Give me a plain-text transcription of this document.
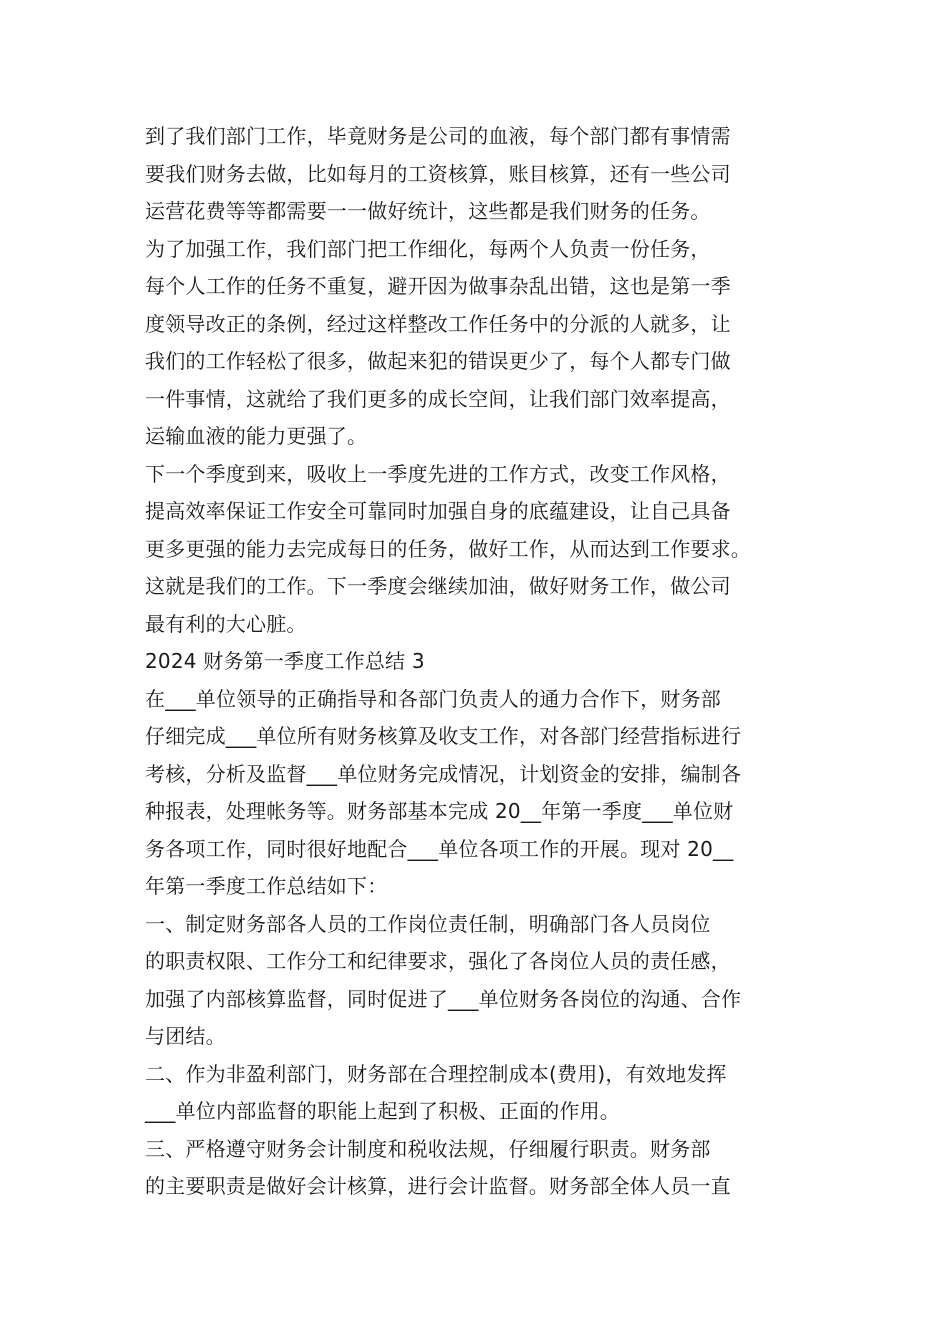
到了我们部门工作，毕竟财务是公司的血液，每个部门都有事情需
要我们财务去做，比如每月的工资核算，账目核算，还有一些公司
运营花费等等都需要一一做好统计，这些都是我们财务的任务。
为了加强工作，我们部门把工作细化，每两个人负责一份任务，
每个人工作的任务不重复，避开因为做事杂乱出错，这也是第一季
度领导改正的条例，经过这样整改工作任务中的分派的人就多，让
我们的工作轻松了很多，做起来犯的错误更少了，每个人都专门做
一件事情，这就给了我们更多的成长空间，让我们部门效率提高，
运输血液的能力更强了。
下一个季度到来，吸收上一季度先进的工作方式，改变工作风格，
提高效率保证工作安全可靠同时加强自身的底蕴建设，让自己具备
更多更强的能力去完成每日的任务，做好工作，从而达到工作要求。
这就是我们的工作。下一季度会继续加油，做好财务工作，做公司
最有利的大心脏。
2024 财务第一季度工作总结 3
在___单位领导的正确指导和各部门负责人的通力合作下，财务部
仔细完成___单位所有财务核算及收支工作，对各部门经营指标进行
考核，分析及监督___单位财务完成情况，计划资金的安排，编制各
种报表，处理帐务等。财务部基本完成 20__年第一季度___单位财
务各项工作，同时很好地配合___单位各项工作的开展。现对 20__
年第一季度工作总结如下：
一、制定财务部各人员的工作岗位责任制，明确部门各人员岗位
的职责权限、工作分工和纪律要求，强化了各岗位人员的责任感，
加强了内部核算监督，同时促进了___单位财务各岗位的沟通、合作
与团结。
二、作为非盈利部门，财务部在合理控制成本(费用)，有效地发挥
___单位内部监督的职能上起到了积极、正面的作用。
三、严格遵守财务会计制度和税收法规，仔细履行职责。财务部
的主要职责是做好会计核算，进行会计监督。财务部全体人员一直
